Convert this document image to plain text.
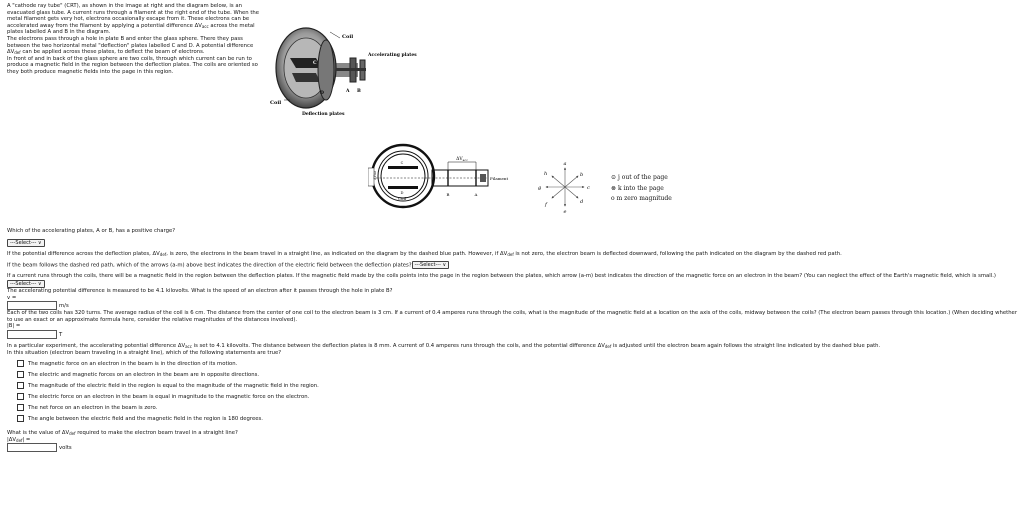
A "cathode ray tube" (CRT), as shown in the image at right and the diagram below, is an evacuated glass tube. A current runs through a filament at the right end of the tube. When the metal filament gets very hot, electrons occasionally escape from it. These electrons can be accelerated away from the filament by applying a potential difference $\Delta V_{acc}$ across the metal plates labelled A and B in the diagram.

The electrons pass through a hole in plate B and enter the glass sphere. There they pass between the two horizontal metal "deflection" plates labelled C and D. A potential difference $\Delta V_{def}$ can be applied across these plates, to deflect the beam of electrons.

In front of and in back of the glass sphere are two coils, through which current can be run to produce a magnetic field in the region between the deflection plates. The coils are oriented so they both produce magnetic fields into the page in this region.

Coil
Coil
Accelerating plates
Deflection plates
C
D	A B
$\Delta V_{acc}$
ΔVdef
Filament
Coil
B	A
C
D
a
b
c
d
e
f
g
h	⊙ j out of the page
⊗ k into the page
o m zero magnitude

Which of the accelerating plates, A or B, has a positive charge?

---Select--- ∨

If the potential difference across the deflection plates, $\Delta V_{def}$, is zero, the electrons in the beam travel in a straight line, as indicated on the diagram by the dashed blue path. However, if $\Delta V_{def}$ is not zero, the electron beam is deflected downward, following the path indicated on the diagram by the dashed red path.

If the beam follows the dashed red path, which of the arrows (a-m) above best indicates the direction of the electric field between the deflection plates? ---Select--- ∨

If a current runs through the coils, there will be a magnetic field in the region between the deflection plates. If the magnetic field made by the coils points into the page in the region between the plates, which arrow (a-m) best indicates the direction of the magnetic force on an electron in the beam? (You can neglect the effect of the Earth's magnetic field, which is small.)---Select--- ∨

The accelerating potential difference is measured to be 4.1 kilovolts. What is the speed of an electron after it passes through the hole in plate B?

v =

m/s

Each of the two coils has 320 turns. The average radius of the coil is 6 cm. The distance from the center of one coil to the electron beam is 3 cm. If a current of 0.4 amperes runs through the coils, what is the magnitude of the magnetic field at a location on the axis of the coils, midway between the coils? (The electron beam passes through this location.) (When deciding whether to use an exact or an approximate formula here, consider the relative magnitudes of the distances involved).

|B| =

T

In a particular experiment, the accelerating potential difference $\Delta V_{acc}$ is set to 4.1 kilovolts. The distance between the deflection plates is 8 mm. A current of 0.4 amperes runs through the coils, and the potential difference $\Delta V_{def}$ is adjusted until the electron beam again follows the straight line indicated by the dashed blue path.

In this situation (electron beam traveling in a straight line), which of the following statements are true?

The magnetic force on an electron in the beam is in the direction of its motion.
The electric and magnetic forces on an electron in the beam are in opposite directions.
The magnitude of the electric field in the region is equal to the magnitude of the magnetic field in the region.
The electric force on an electron in the beam is equal in magnitude to the magnetic force on the electron.
The net force on an electron in the beam is zero.
The angle between the electric field and the magnetic field in the region is 180 degrees.

What is the value of $\Delta V_{def}$ required to make the electron beam travel in a straight line?

$|\Delta V_{def}|$ =

volts
